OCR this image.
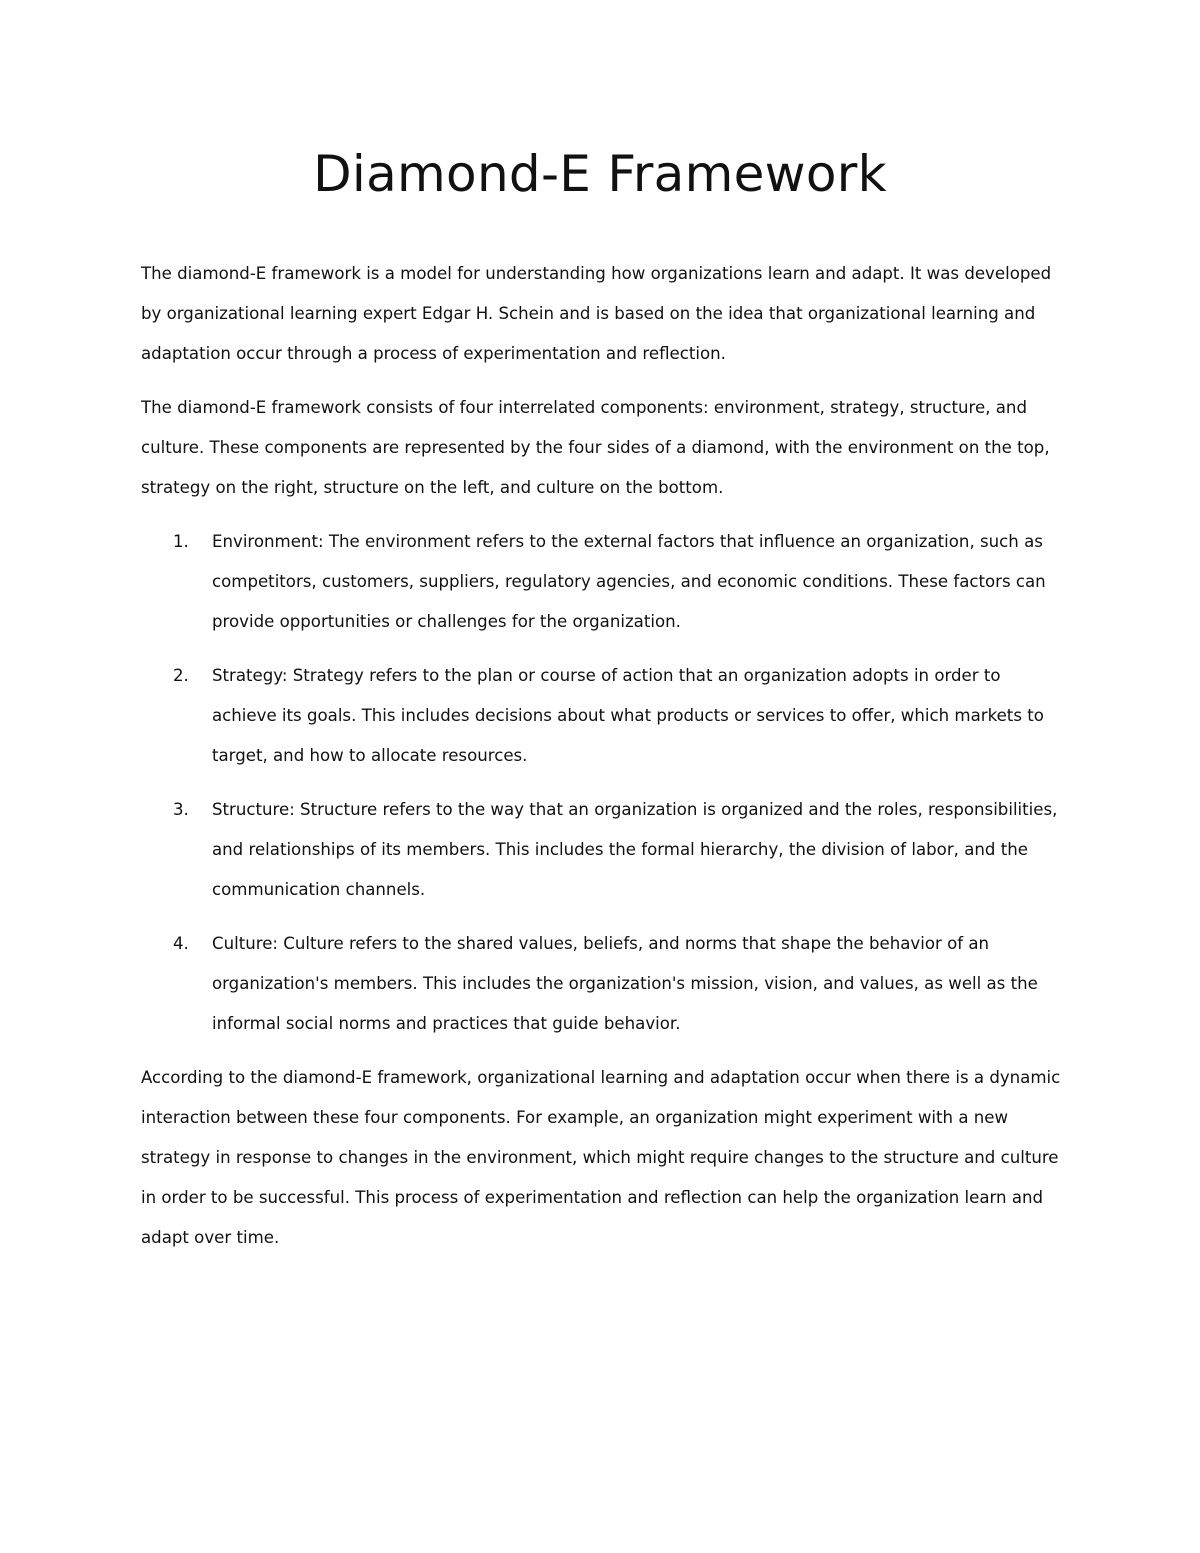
Diamond-E Framework

The diamond-E framework is a model for understanding how organizations learn and adapt. It was developed by organizational learning expert Edgar H. Schein and is based on the idea that organizational learning and adaptation occur through a process of experimentation and reflection.

The diamond-E framework consists of four interrelated components: environment, strategy, structure, and culture. These components are represented by the four sides of a diamond, with the environment on the top, strategy on the right, structure on the left, and culture on the bottom.

1. Environment: The environment refers to the external factors that influence an organization, such as competitors, customers, suppliers, regulatory agencies, and economic conditions. These factors can provide opportunities or challenges for the organization.

2. Strategy: Strategy refers to the plan or course of action that an organization adopts in order to achieve its goals. This includes decisions about what products or services to offer, which markets to target, and how to allocate resources.

3. Structure: Structure refers to the way that an organization is organized and the roles, responsibilities, and relationships of its members. This includes the formal hierarchy, the division of labor, and the communication channels.

4. Culture: Culture refers to the shared values, beliefs, and norms that shape the behavior of an organization's members. This includes the organization's mission, vision, and values, as well as the informal social norms and practices that guide behavior.

According to the diamond-E framework, organizational learning and adaptation occur when there is a dynamic interaction between these four components. For example, an organization might experiment with a new strategy in response to changes in the environment, which might require changes to the structure and culture in order to be successful. This process of experimentation and reflection can help the organization learn and adapt over time.
